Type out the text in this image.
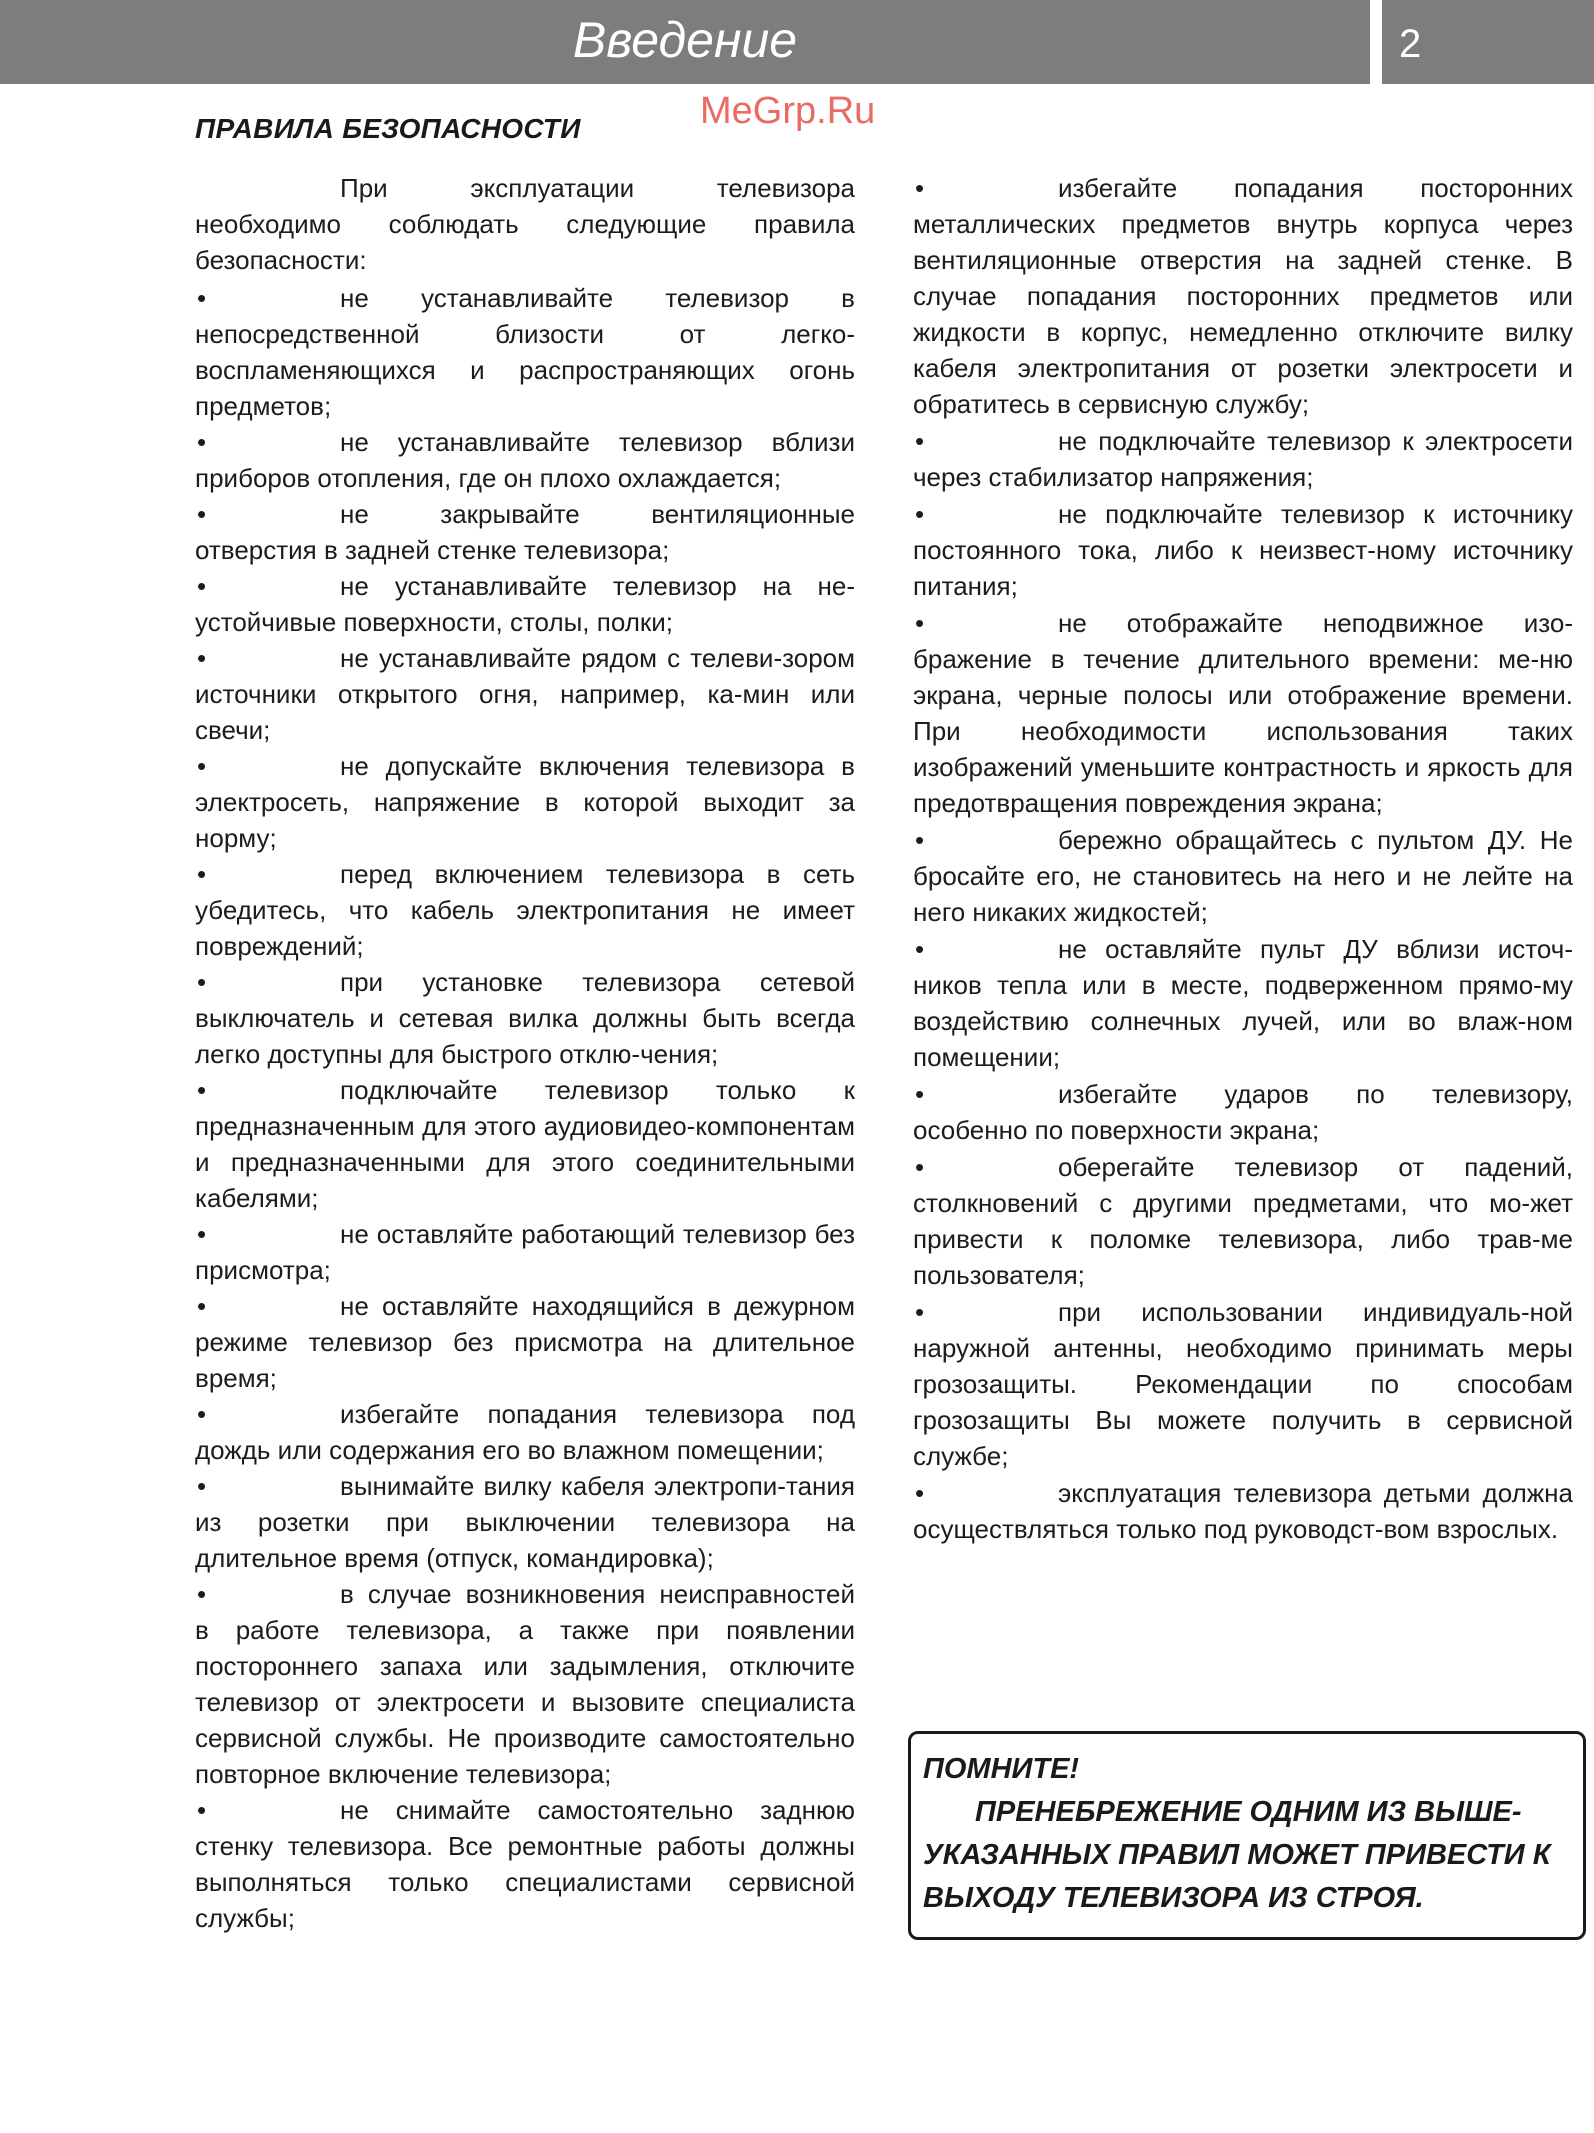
Введение	2
ПРАВИЛА БЕЗОПАСНОСТИ	MeGrp.Ru

При эксплуатации телевизора необходимо соблюдать следующие правила безопасности:

•	не устанавливайте телевизор в непосредственной близости от легко-воспламеняющихся и распространяющих огонь предметов;
•	не устанавливайте телевизор вблизи приборов отопления, где он плохо охлаждается;
•	не закрывайте вентиляционные отверстия в задней стенке телевизора;
•	не устанавливайте телевизор на не-устойчивые поверхности, столы, полки;
•	не устанавливайте рядом с телеви-зором источники открытого огня, например, ка-мин или свечи;
•	не допускайте включения телевизора в электросеть, напряжение в которой выходит за норму;
•	перед включением телевизора в сеть убедитесь, что кабель электропитания не имеет повреждений;
•	при установке телевизора сетевой выключатель и сетевая вилка должны быть всегда легко доступны для быстрого отклю-чения;
•	подключайте телевизор только к предназначенным для этого аудиовидео-компонентам и предназначенными для этого соединительными кабелями;
•	не оставляйте работающий телевизор без присмотра;
•	не оставляйте находящийся в дежурном режиме телевизор без присмотра на длительное время;
•	избегайте попадания телевизора под дождь или содержания его во влажном помещении;
•	вынимайте вилку кабеля электропи-тания из розетки при выключении телевизора на длительное время (отпуск, командировка);
•	в случае возникновения неисправностей в работе телевизора, а также при появлении постороннего запаха или задымления, отключите телевизор от электросети и вызовите специалиста сервисной службы. Не производите самостоятельно повторное включение телевизора;
•	не снимайте самостоятельно заднюю стенку телевизора. Все ремонтные работы должны выполняться только специалистами сервисной службы;
•	избегайте попадания посторонних металлических предметов внутрь корпуса через вентиляционные отверстия на задней стенке. В случае попадания посторонних предметов или жидкости в корпус, немедленно отключите вилку кабеля электропитания от розетки электросети и обратитесь в сервисную службу;
•	не подключайте телевизор к электросети через стабилизатор напряжения;
•	не подключайте телевизор к источнику постоянного тока, либо к неизвест-ному источнику питания;
•	не отображайте неподвижное изо-бражение в течение длительного времени: ме-ню экрана, черные полосы или отображение времени. При необходимости использования таких изображений уменьшите контрастность и яркость для предотвращения повреждения экрана;
•	бережно обращайтесь с пультом ДУ. Не бросайте его, не становитесь на него и не лейте на него никаких жидкостей;
•	не оставляйте пульт ДУ вблизи источ-ников тепла или в месте, подверженном прямо-му воздействию солнечных лучей, или во влаж-ном помещении;
•	избегайте ударов по телевизору, особенно по поверхности экрана;
•	оберегайте телевизор от падений, столкновений с другими предметами, что мо-жет привести к поломке телевизора, либо трав-ме пользователя;
•	при использовании индивидуаль-ной наружной антенны, необходимо принимать меры грозозащиты. Рекомендации по способам грозозащиты Вы можете получить в сервисной службе;
•	эксплуатация телевизора детьми должна осуществляться только под руководст-вом взрослых.
ПОМНИТЕ!
ПРЕНЕБРЕЖЕНИЕ ОДНИМ ИЗ ВЫШЕ-УКАЗАННЫХ ПРАВИЛ МОЖЕТ ПРИВЕСТИ К ВЫХОДУ ТЕЛЕВИЗОРА ИЗ СТРОЯ.
